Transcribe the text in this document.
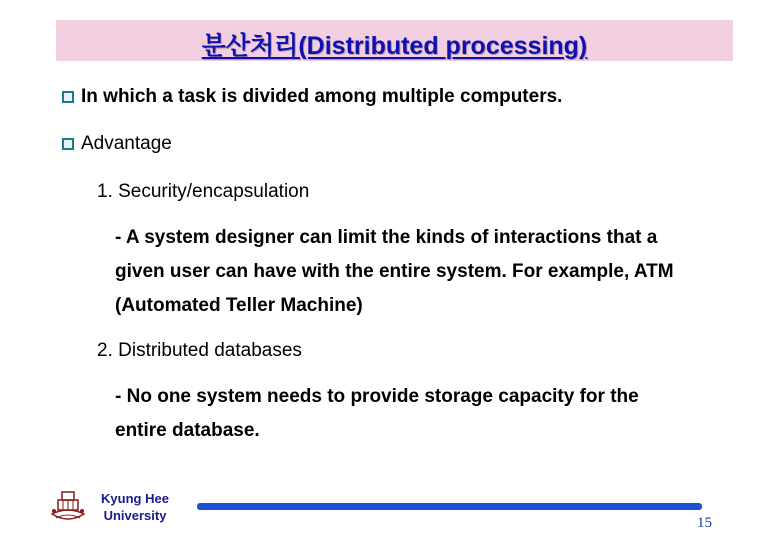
분산처리(Distributed processing)
In which a task is divided among multiple computers.
Advantage
1. Security/encapsulation
- A system designer can limit the kinds of interactions that a
given user can have with the entire system. For example, ATM
(Automated Teller Machine)
2. Distributed databases
- No one system needs to provide storage capacity for the
entire database.
Kyung Hee
University	15
